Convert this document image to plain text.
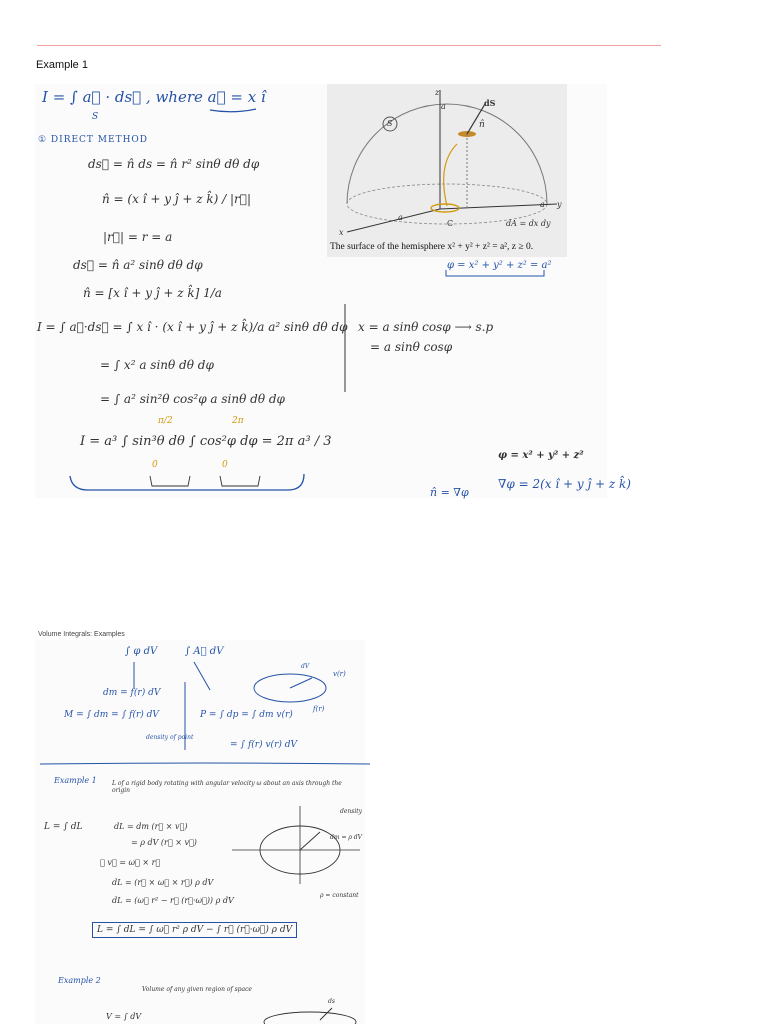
Example 1
I = ∫ a⃗ · ds⃗ , where a⃗ = x î
S
① DIRECT METHOD
ds⃗ = n̂ ds = n̂ r² sinθ dθ dφ
n̂ = (x î + y ĵ + z k̂) / |r⃗|
|r⃗| = r = a
ds⃗ = n̂ a² sinθ dθ dφ
n̂ = [x î + y ĵ + z k̂] 1/a
I = ∫ a⃗·ds⃗ = ∫ x î · (x î + y ĵ + z k̂)/a a² sinθ dθ dφ x = a sinθ cosφ ⟶ s.p
= a sinθ cosφ
= ∫ x² a sinθ dθ dφ
= ∫ a² sin²θ cos²φ a sinθ dθ dφ
π/2	2π
I = a³ ∫ sin³θ dθ ∫ cos²φ dφ = 2π a³ / 3
0	0
z
dS
S	n̂
a
a y
x
a
C	dA = dx dy
The surface of the hemisphere x² + y² + z² = a², z ≥ 0.
φ = x² + y² + z² = a²
φ = x² + y² + z²
n̂ = ∇φ
∇φ = 2(x î + y ĵ + z k̂)
Volume Integrals: Examples
∫ φ dV	∫ A⃗ dV
dm = f(r) dV
M = ∫ dm = ∫ f(r) dV
density of point
P = ∫ dp = ∫ dm v(r)
= ∫ f(r) v(r) dV
dV
v(r)
f(r)
Example 1	L of a rigid body rotating with angular velocity ω about an axis through the origin
L = ∫ dL	dL = dm (r⃗ × v⃗)
= ρ dV (r⃗ × v⃗)
∵ v⃗ = ω⃗ × r⃗
dL = (r⃗ × ω⃗ × r⃗) ρ dV
dL = (ω⃗ r² − r⃗ (r⃗·ω⃗)) ρ dV
density
dm = ρ dV
ρ = constant
L = ∫ dL = ∫ ω⃗ r² ρ dV − ∫ r⃗ (r⃗·ω⃗) ρ dV
Example 2
Volume of any given region of space
V = ∫ dV
ds
